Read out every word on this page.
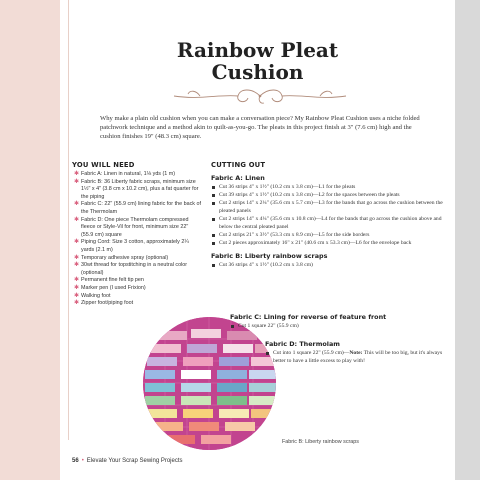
Rainbow Pleat
Cushion

Why make a plain old cushion when you can make a conversation piece? My Rainbow Pleat Cushion uses a niche folded patchwork technique and a method akin to quilt-as-you-go. The pleats in this project finish at 3" (7.6 cm) high and the cushion finishes 19" (48.3 cm) square.

YOU WILL NEED

✱ Fabric A: Linen in natural, 1⅛ yds (1 m)
✱ Fabric B: 36 Liberty fabric scraps, minimum size 1½" x 4" (3.8 cm x 10.2 cm), plus a fat quarter for the piping
✱ Fabric C: 22" (55.9 cm) lining fabric for the back of the Thermolam
✱ Fabric D: One piece Thermolam compressed fleece or Style-Vil for front, minimum size 22" (55.9 cm) square
✱ Piping Cord: Size 3 cotton, approximately 2¼ yards (2.1 m)
✱ Temporary adhesive spray (optional)
✱ 30wt thread for topstitching in a neutral color (optional)
✱ Permanent fine felt tip pen
✱ Marker pen (I used Frixion)
✱ Walking foot
✱ Zipper foot/piping foot

CUTTING OUT

Fabric A: Linen

Cut 36 strips 4" x 1½" (10.2 cm x 3.8 cm)—L1 for the pleats
Cut 39 strips 4" x 1½" (10.2 cm x 3.8 cm)—L2 for the spaces between the pleats
Cut 2 strips 14" x 2¼" (35.6 cm x 5.7 cm)—L3 for the bands that go across the cushion between the pleated panels
Cut 2 strips 14" x 4¼" (35.6 cm x 10.8 cm)—L4 for the bands that go across the cushion above and below the central pleated panel
Cut 2 strips 21" x 3½" (53.3 cm x 8.9 cm)—L5 for the side borders
Cut 2 pieces approximately 16" x 21" (40.6 cm x 53.3 cm)—L6 for the envelope back

Fabric B: Liberty rainbow scraps

Cut 36 strips 4" x 1½" (10.2 cm x 3.8 cm)

Fabric B: Liberty rainbow scraps

Fabric C: Lining for reverse of feature front

Cut 1 square 22" (55.9 cm)

Fabric D: Thermolam

Cut into 1 square 22" (55.9 cm)—Note: This will be too big, but it's always better to have a little excess to play with!
56 • Elevate Your Scrap Sewing Projects
